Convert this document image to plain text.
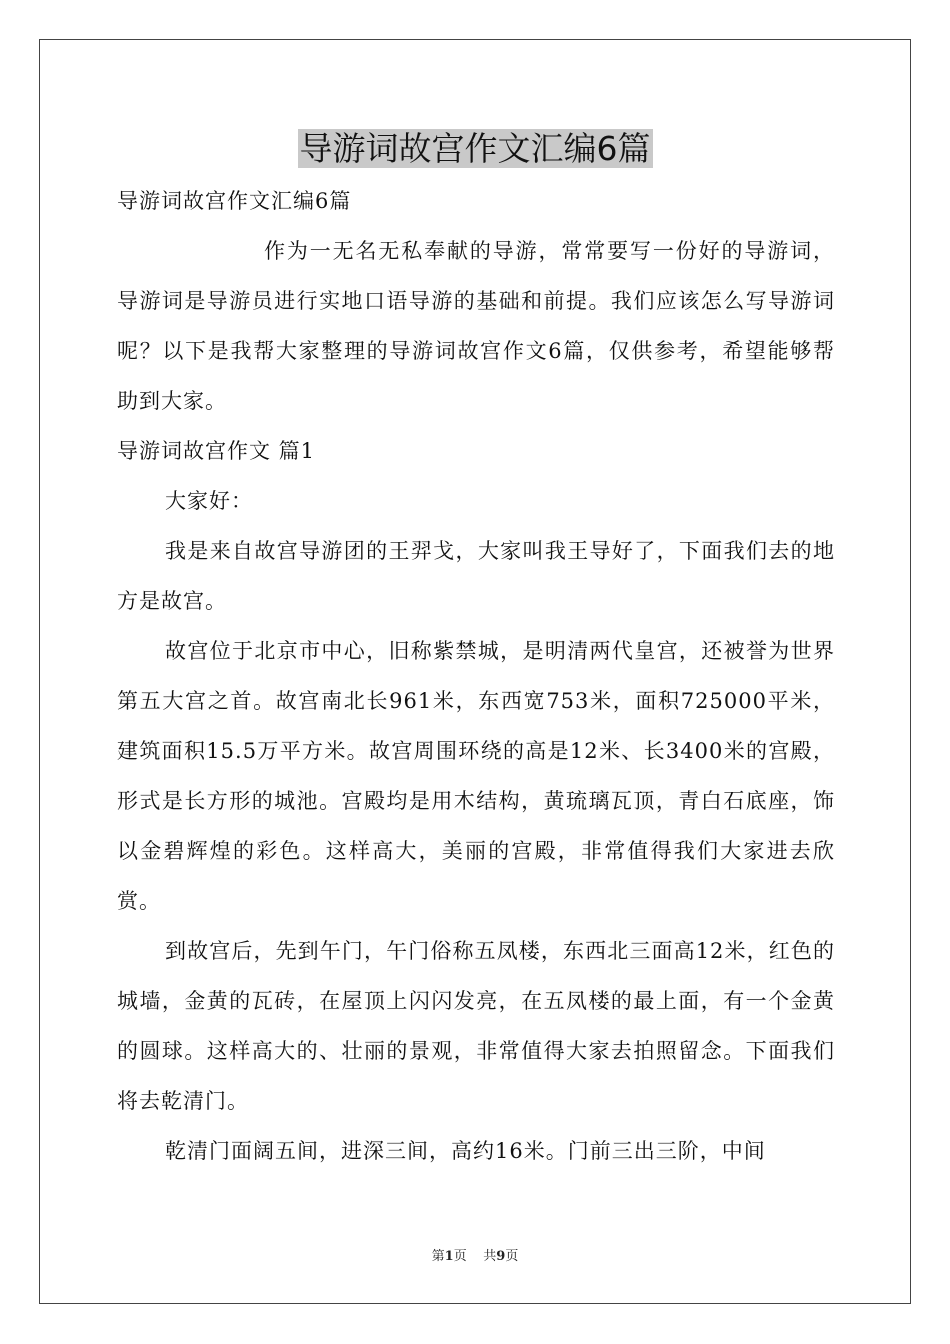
导游词故宫作文汇编6篇
导游词故宫作文汇编6篇
作为一无名无私奉献的导游，常常要写一份好的导游词，导游词是导游员进行实地口语导游的基础和前提。我们应该怎么写导游词呢？以下是我帮大家整理的导游词故宫作文6篇，仅供参考，希望能够帮助到大家。
导游词故宫作文 篇1
大家好：
我是来自故宫导游团的王羿戈，大家叫我王导好了，下面我们去的地方是故宫。
故宫位于北京市中心，旧称紫禁城，是明清两代皇宫，还被誉为世界第五大宫之首。故宫南北长961米，东西宽753米，面积725000平米，建筑面积15.5万平方米。故宫周围环绕的高是12米、长3400米的宫殿，形式是长方形的城池。宫殿均是用木结构，黄琉璃瓦顶，青白石底座，饰以金碧辉煌的彩色。这样高大，美丽的宫殿，非常值得我们大家进去欣赏。
到故宫后，先到午门，午门俗称五凤楼，东西北三面高12米，红色的城墙，金黄的瓦砖，在屋顶上闪闪发亮，在五凤楼的最上面，有一个金黄的圆球。这样高大的、壮丽的景观，非常值得大家去拍照留念。下面我们将去乾清门。
乾清门面阔五间，进深三间，高约16米。门前三出三阶，中间
第1页 共9页
